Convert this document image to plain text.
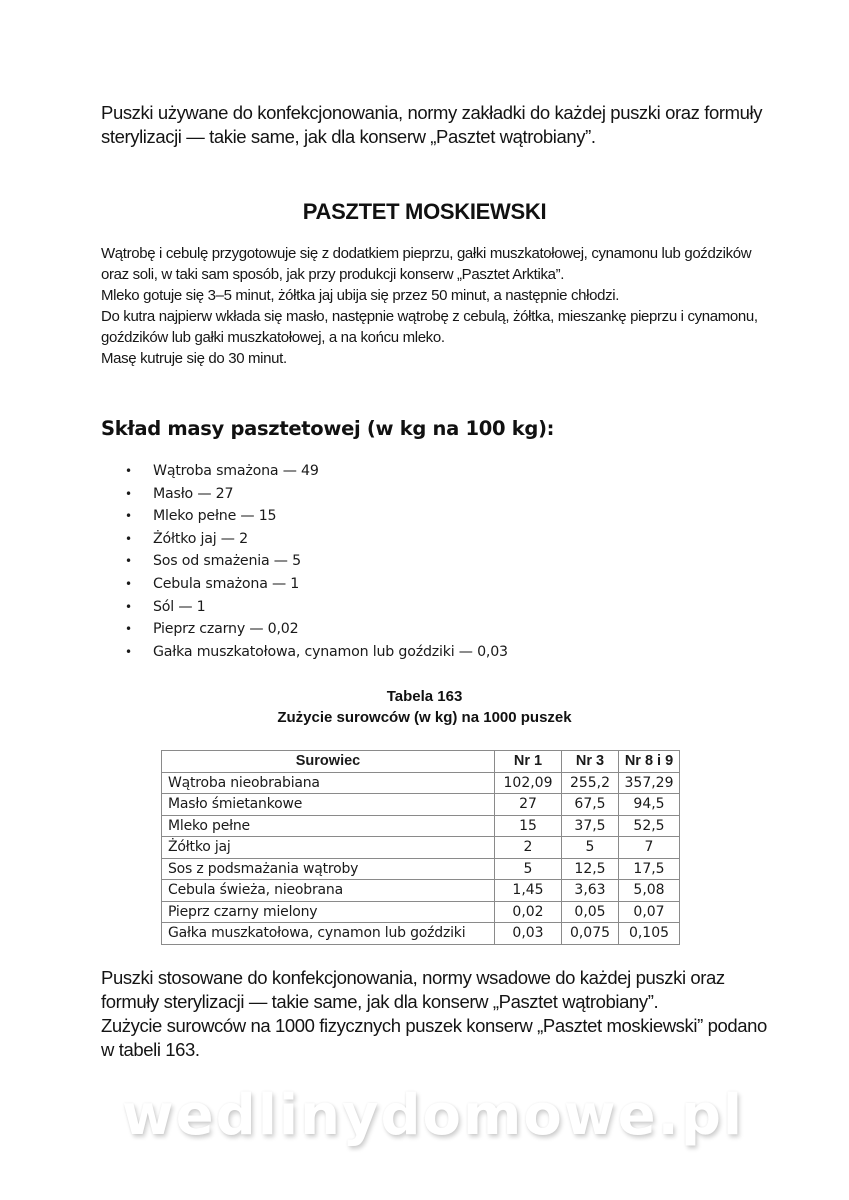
Puszki używane do konfekcjonowania, normy zakładki do każdej puszki oraz formuły sterylizacji — takie same, jak dla konserw „Pasztet wątrobiany”.

PASZTET MOSKIEWSKI

Wątrobę i cebulę przygotowuje się z dodatkiem pieprzu, gałki muszkatołowej, cynamonu lub goździków oraz soli, w taki sam sposób, jak przy produkcji konserw „Pasztet Arktika”.
Mleko gotuje się 3–5 minut, żółtka jaj ubija się przez 50 minut, a następnie chłodzi.
Do kutra najpierw wkłada się masło, następnie wątrobę z cebulą, żółtka, mieszankę pieprzu i cynamonu, goździków lub gałki muszkatołowej, a na końcu mleko.
Masę kutruje się do 30 minut.

Skład masy pasztetowej (w kg na 100 kg):
• Wątroba smażona — 49
• Masło — 27
• Mleko pełne — 15
• Żółtko jaj — 2
• Sos od smażenia — 5
• Cebula smażona — 1
• Sól — 1
• Pieprz czarny — 0,02
• Gałka muszkatołowa, cynamon lub goździki — 0,03

Tabela 163

Zużycie surowców (w kg) na 1000 puszek

Surowiec	Nr 1	Nr 3	Nr 8 i 9
Wątroba nieobrabiana	102,09	255,2	357,29
Masło śmietankowe	27	67,5	94,5
Mleko pełne	15	37,5	52,5
Żółtko jaj	2	5	7
Sos z podsmażania wątroby	5	12,5	17,5
Cebula świeża, nieobrana	1,45	3,63	5,08
Pieprz czarny mielony	0,02	0,05	0,07
Gałka muszkatołowa, cynamon lub goździki	0,03	0,075	0,105

Puszki stosowane do konfekcjonowania, normy wsadowe do każdej puszki oraz formuły sterylizacji — takie same, jak dla konserw „Pasztet wątrobiany”.
Zużycie surowców na 1000 fizycznych puszek konserw „Pasztet moskiewski” podano w tabeli 163.

wedlinydomowe.pl
